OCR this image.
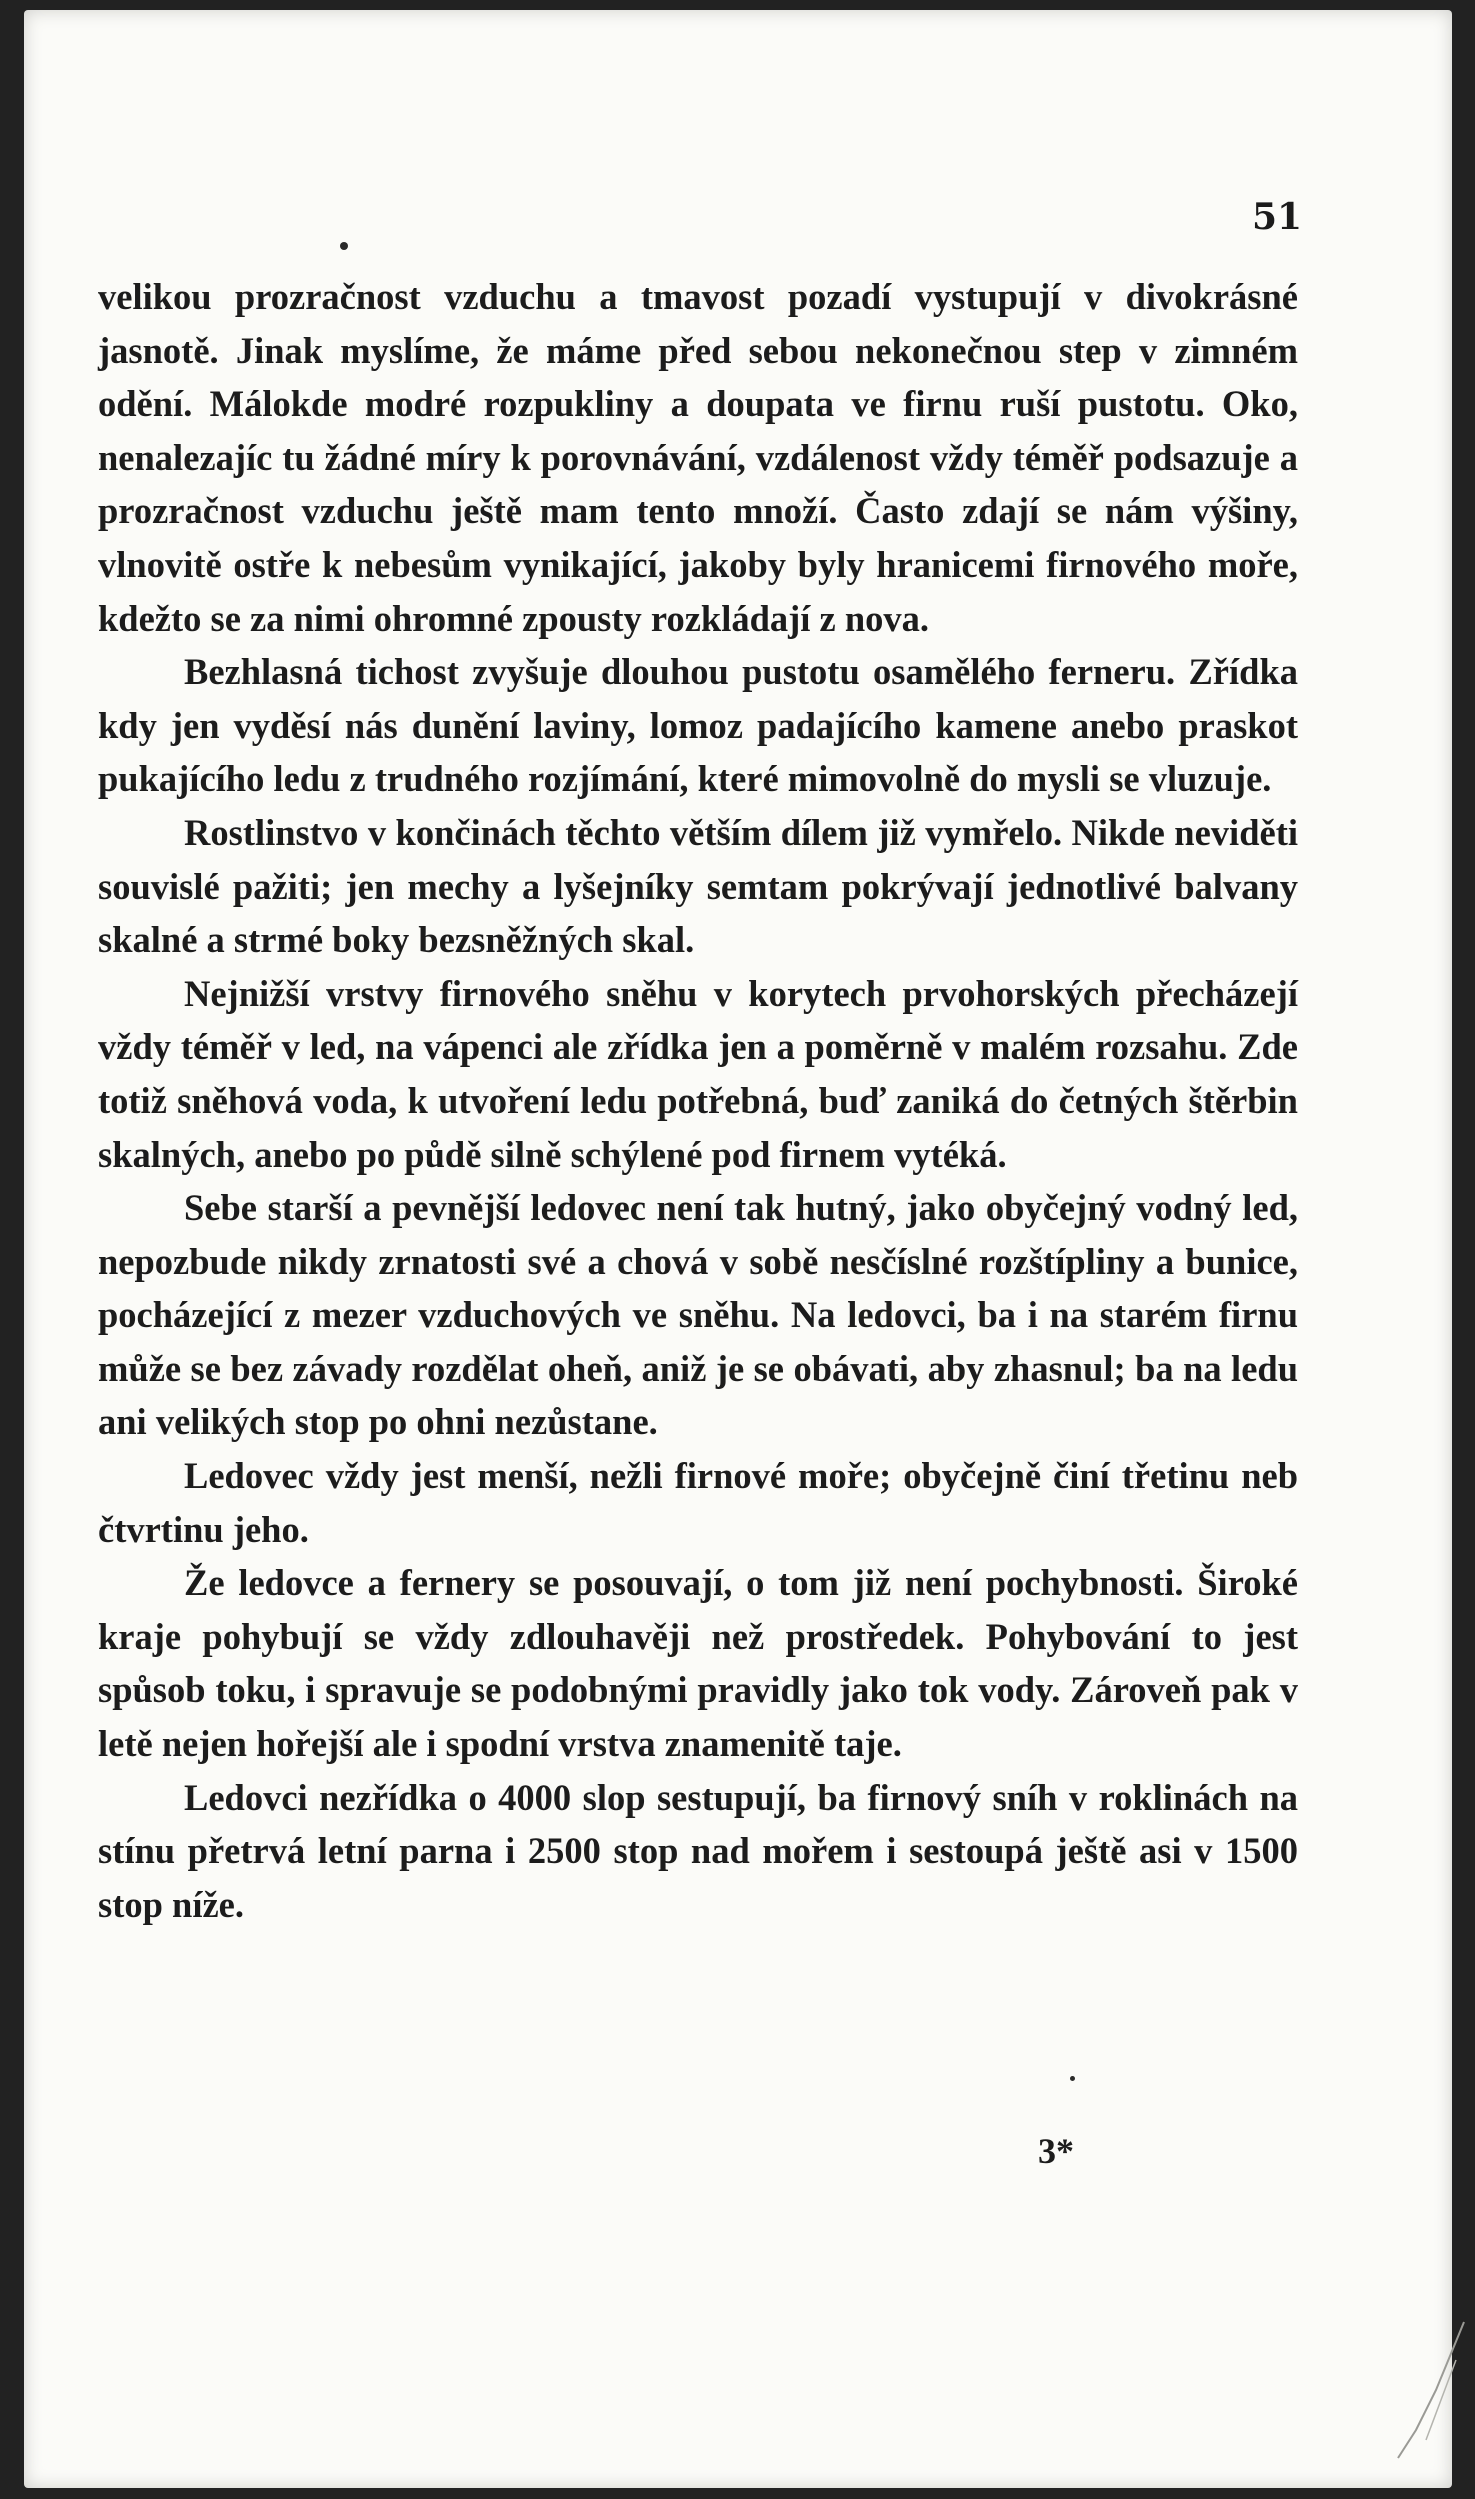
51

velikou prozračnost vzduchu a tmavost pozadí vystupují v divokrásné jasnotě. Jinak myslíme, že máme před sebou nekonečnou step v zimném odění. Málokde modré rozpukliny a doupata ve firnu ruší pustotu. Oko, nenalezajíc tu žádné míry k porovnávání, vzdálenost vždy téměř podsazuje a prozračnost vzduchu ještě mam tento množí. Často zdají se nám výšiny, vlnovitě ostře k nebesům vynikající, jakoby byly hranicemi firnového moře, kdežto se za nimi ohromné zpousty rozkládají z nova.

Bezhlasná tichost zvyšuje dlouhou pustotu osamělého ferneru. Zřídka kdy jen vyděsí nás dunění laviny, lomoz padajícího kamene anebo praskot pukajícího ledu z trudného rozjímání, které mimovolně do mysli se vluzuje.

Rostlinstvo v končinách těchto větším dílem již vymřelo. Nikde neviděti souvislé pažiti; jen mechy a lyšejníky semtam pokrývají jednotlivé balvany skalné a strmé boky bezsněžných skal.

Nejnižší vrstvy firnového sněhu v korytech prvohorských přecházejí vždy téměř v led, na vápenci ale zřídka jen a poměrně v malém rozsahu. Zde totiž sněhová voda, k utvoření ledu potřebná, buď zaniká do četných štěrbin skalných, anebo po půdě silně schýlené pod firnem vytéká.

Sebe starší a pevnější ledovec není tak hutný, jako obyčejný vodný led, nepozbude nikdy zrnatosti své a chová v sobě nesčíslné rozštípliny a bunice, pocházející z mezer vzduchových ve sněhu. Na ledovci, ba i na starém firnu může se bez závady rozdělat oheň, aniž je se obávati, aby zhasnul; ba na ledu ani velikých stop po ohni nezůstane.

Ledovec vždy jest menší, nežli firnové moře; obyčejně činí třetinu neb čtvrtinu jeho.

Že ledovce a fernery se posouvají, o tom již není pochybnosti. Široké kraje pohybují se vždy zdlouhavěji než prostředek. Pohybování to jest spůsob toku, i spravuje se podobnými pravidly jako tok vody. Zároveň pak v letě nejen hořejší ale i spodní vrstva znamenitě taje.

Ledovci nezřídka o 4000 slop sestupují, ba firnový sníh v roklinách na stínu přetrvá letní parna i 2500 stop nad mořem i sestoupá ještě asi v 1500 stop níže.

3*
